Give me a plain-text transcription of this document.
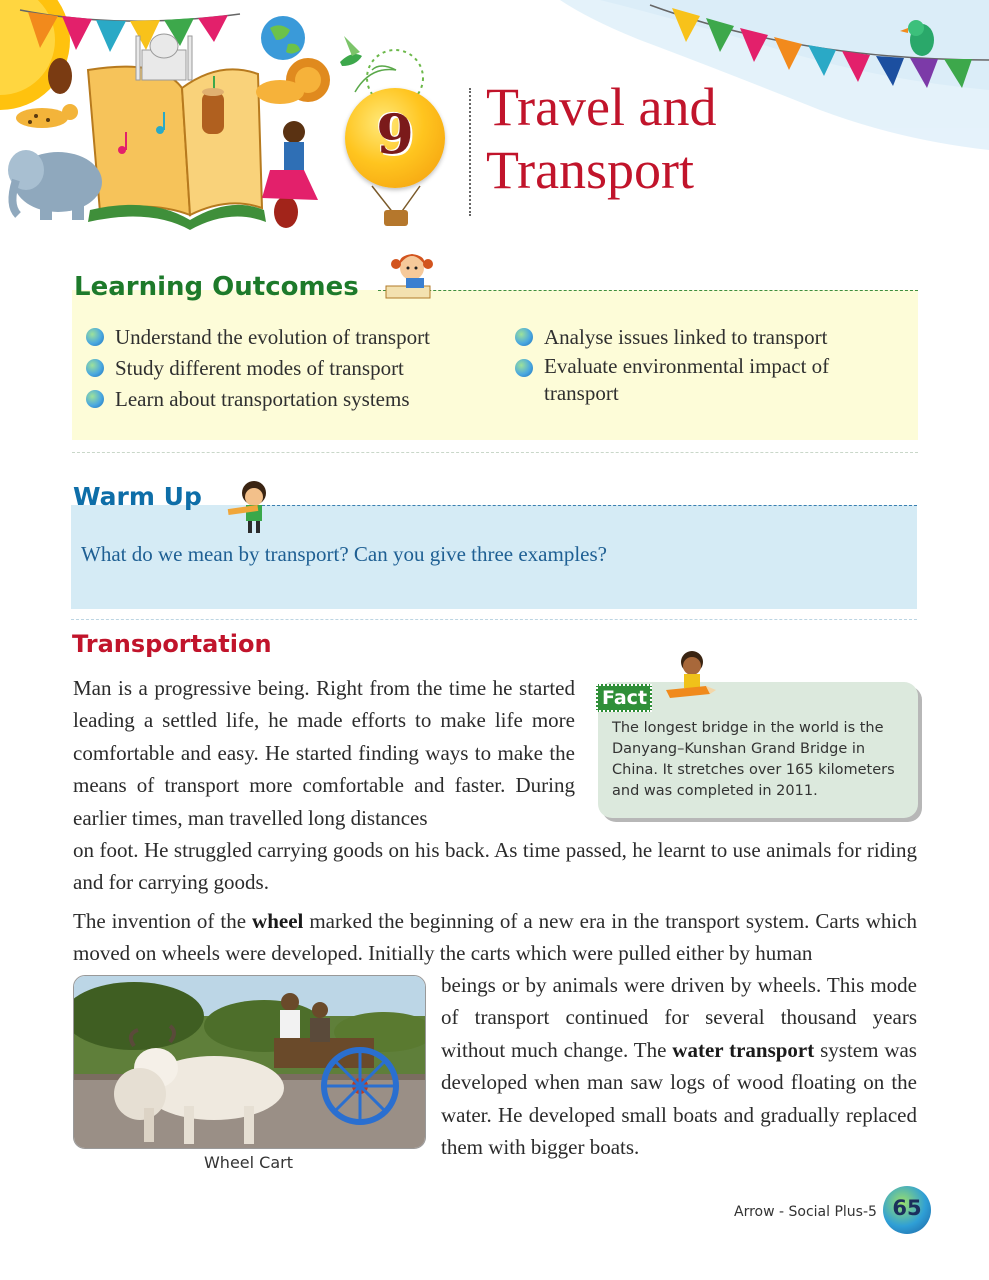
9	Travel and
Transport
Learning Outcomes
Understand the evolution of transport
Study different modes of transport
Learn about transportation systems
Analyse issues linked to transport
Evaluate environmental impact of transport
Warm Up
What do we mean by transport? Can you give three examples?
Transportation
Man is a progressive being. Right from the time he started leading a settled life, he made efforts to make life more comfortable and easy. He started finding ways to make the means of transport more comfortable and faster. During earlier times, man travelled long distances
on foot. He struggled carrying goods on his back. As time passed, he learnt to use animals for riding and for carrying goods.
The invention of the wheel marked the beginning of a new era in the transport system. Carts which moved on wheels were developed. Initially the carts which were pulled either by human
beings or by animals were driven by wheels. This mode of transport continued for several thousand years without much change. The water transport system was developed when man saw logs of wood floating on the water. He developed small boats and gradually replaced them with bigger boats.
Fact
The longest bridge in the world is the Danyang–Kunshan Grand Bridge in China. It stretches over 165 kilometers and was completed in 2011.
Wheel Cart
Arrow - Social Plus-5 65
